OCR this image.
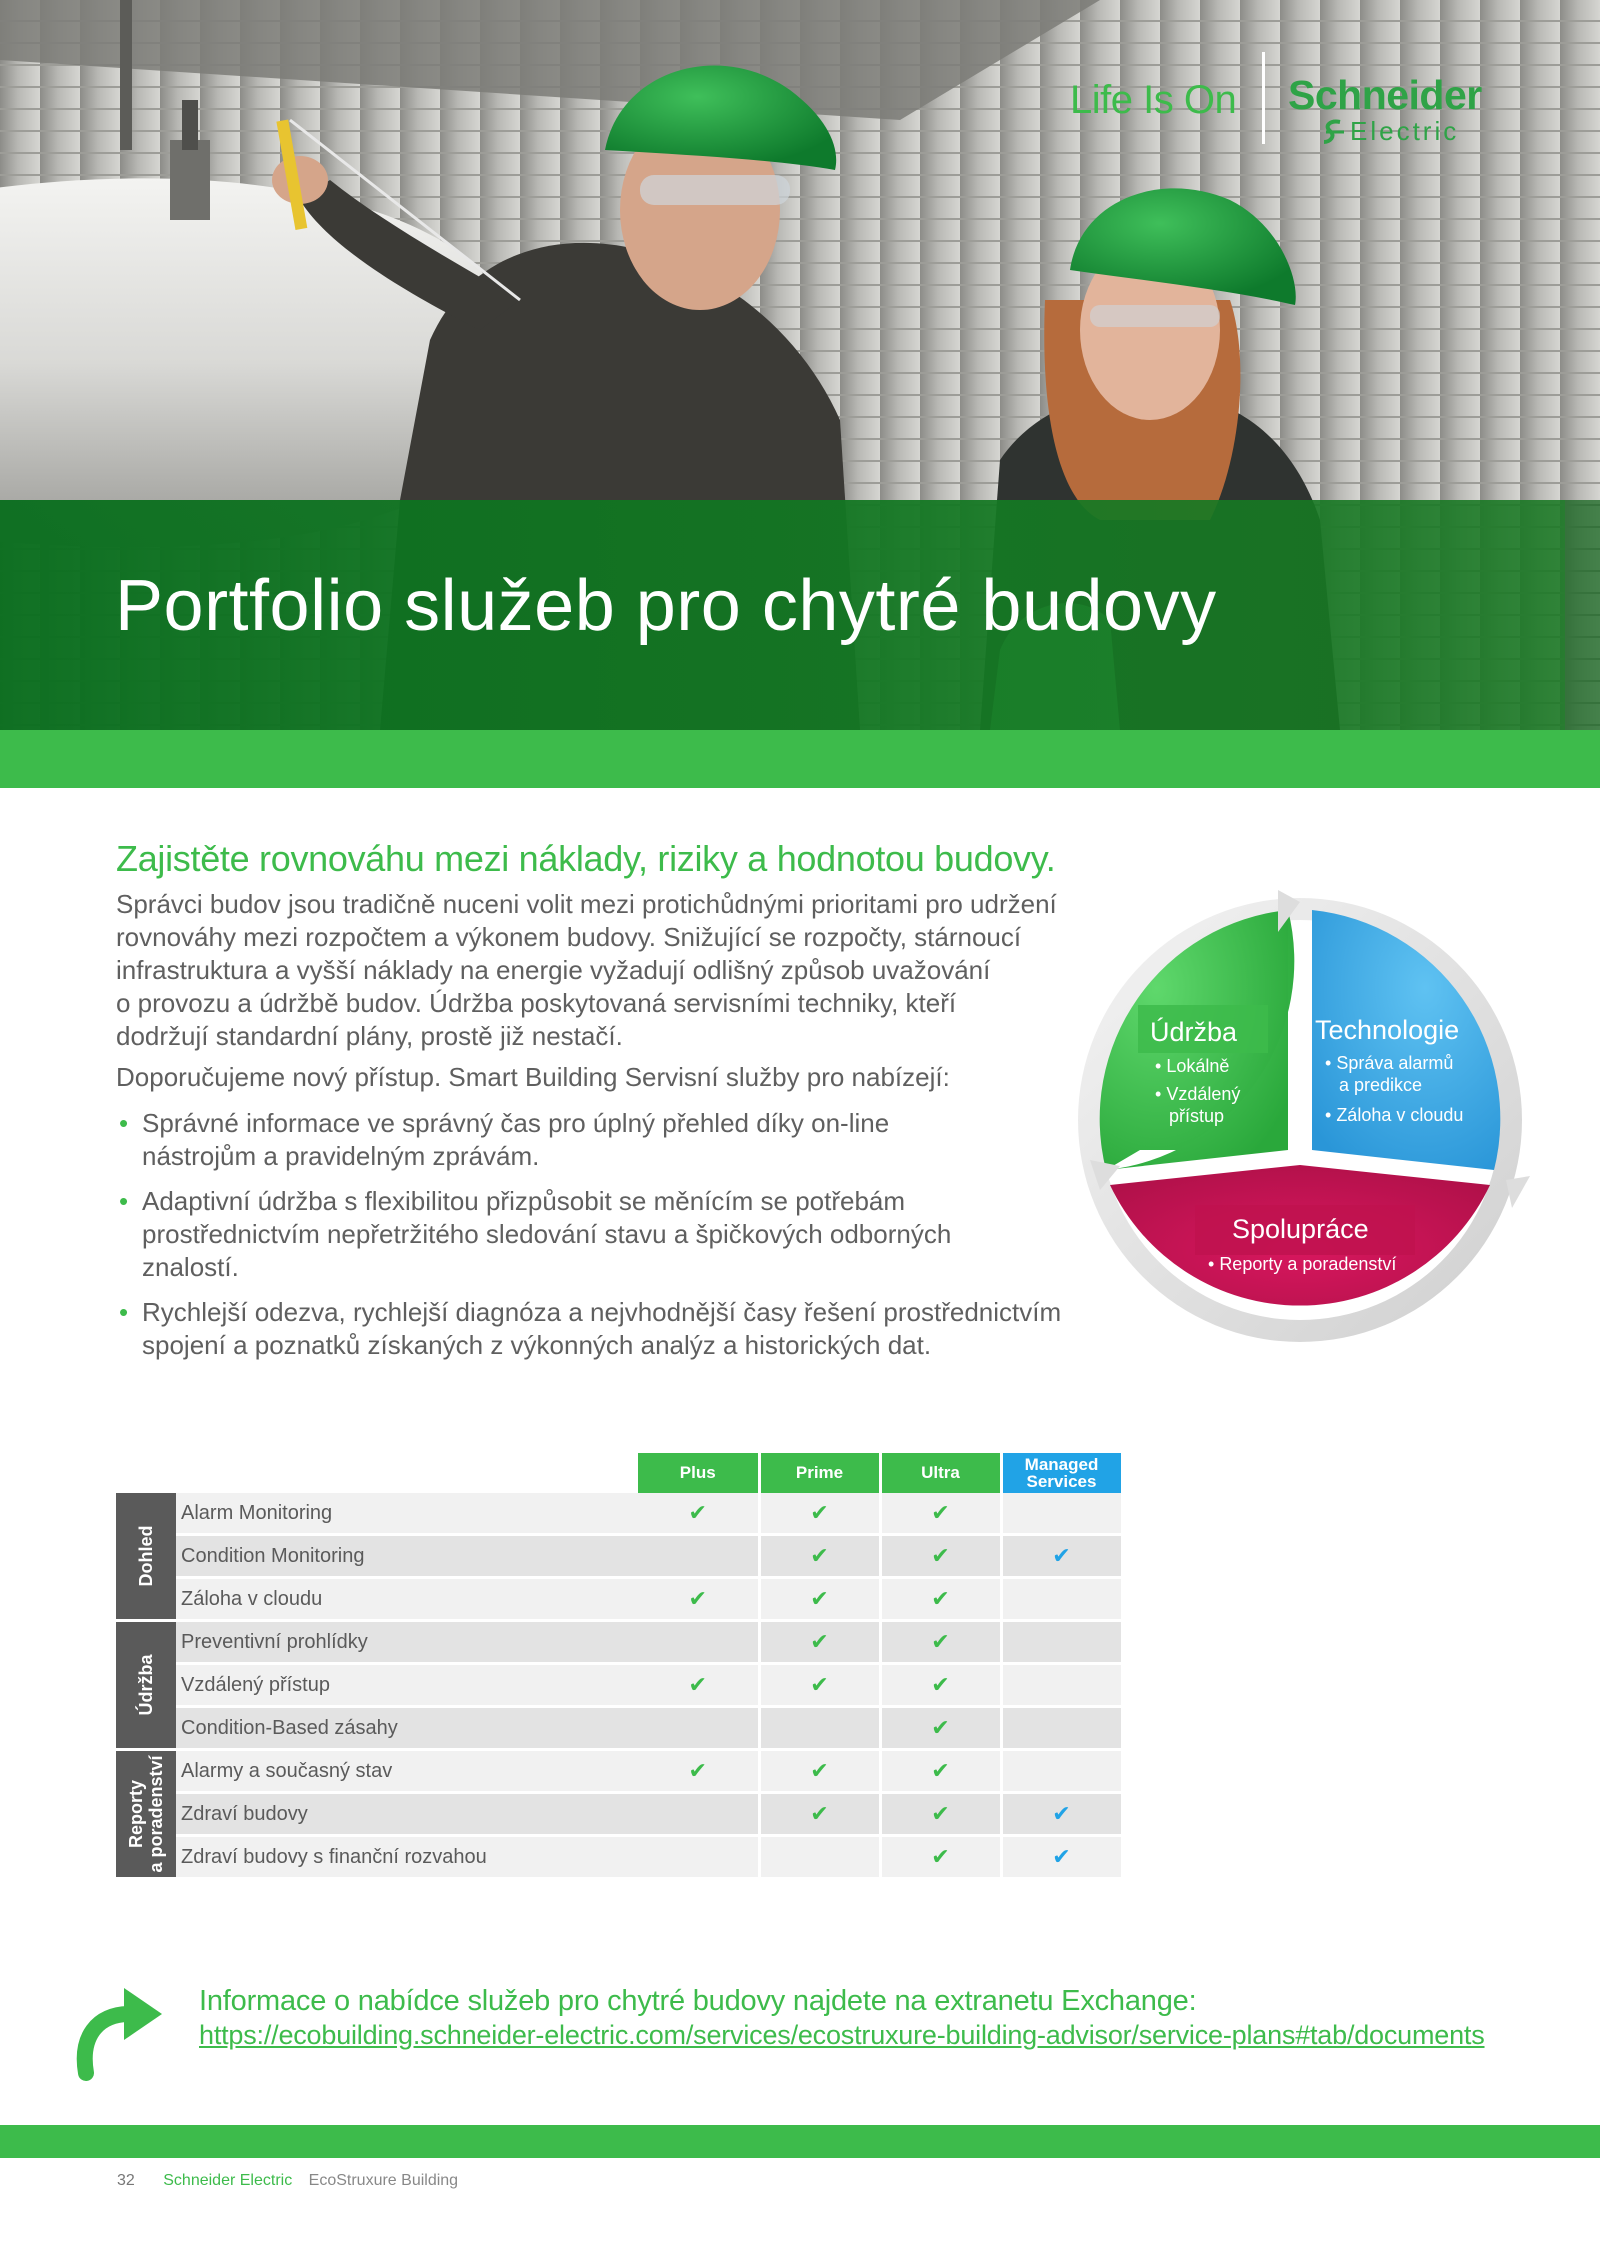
Portfolio služeb pro chytré budovy
Life Is On Schneider
Electric
Zajistěte rovnováhu mezi náklady, riziky a hodnotou budovy.

Správci budov jsou tradičně nuceni volit mezi protichůdnými prioritami pro udržení
rovnováhy mezi rozpočtem a výkonem budovy. Snižující se rozpočty, stárnoucí
infrastruktura a vyšší náklady na energie vyžadují odlišný způsob uvažování
o provozu a údržbě budov. Údržba poskytovaná servisními techniky, kteří
dodržují standardní plány, prostě již nestačí.

Doporučujeme nový přístup. Smart Building Servisní služby pro nabízejí:

• Správné informace ve správný čas pro úplný přehled díky on-line
nástrojům a pravidelným zprávám.
• Adaptivní údržba s flexibilitou přizpůsobit se měnícím se potřebám
prostřednictvím nepřetržitého sledování stavu a špičkových odborných
znalostí.
• Rychlejší odezva, rychlejší diagnóza a nejvhodnější časy řešení prostřednictvím
spojení a poznatků získaných z výkonných analýz a historických dat.
Údržba
• Lokálně
• Vzdálený
přístup
Technologie
• Správa alarmů
a predikce
• Záloha v cloudu
Spolupráce
• Reporty a poradenství
		Plus	Prime	Ultra	Managed
Services

Dohled	Alarm Monitoring	✔	✔	✔	
	Condition Monitoring		✔	✔	✔
	Záloha v cloudu	✔	✔	✔	

Údržba	Preventivní prohlídky		✔	✔	
	Vzdálený přístup	✔	✔	✔	
	Condition-Based zásahy			✔	

Reporty a poradenství	Alarmy a současný stav	✔	✔	✔	
	Zdraví budovy		✔	✔	✔
	Zdraví budovy s finanční rozvahou			✔	✔
Informace o nabídce služeb pro chytré budovy najdete na extranetu Exchange:
https://ecobuilding.schneider-electric.com/services/ecostruxure-building-advisor/service-plans#tab/documents
32 Schneider Electric EcoStruxure Building
